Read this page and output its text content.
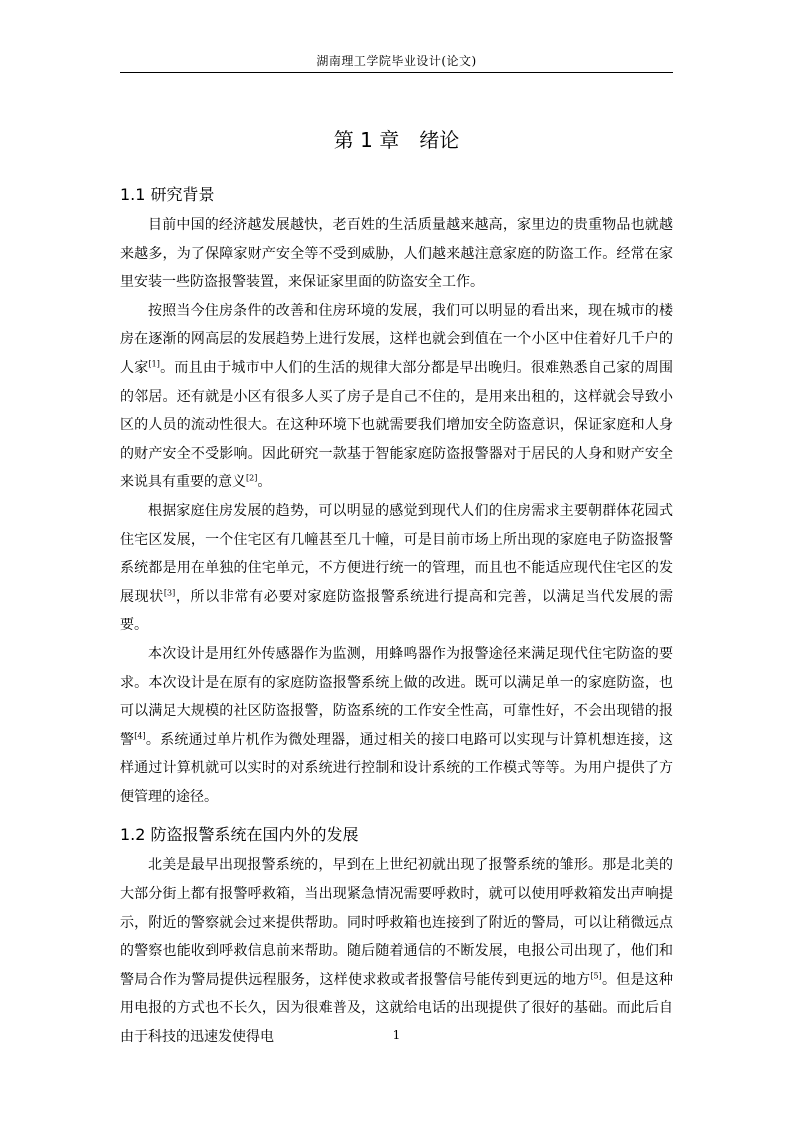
湖南理工学院毕业设计(论文)
第 1 章 绪论
1.1 研究背景

目前中国的经济越发展越快，老百姓的生活质量越来越高，家里边的贵重物品也就越来越多，为了保障家财产安全等不受到威胁，人们越来越注意家庭的防盗工作。经常在家里安装一些防盗报警装置，来保证家里面的防盗安全工作。

按照当今住房条件的改善和住房环境的发展，我们可以明显的看出来，现在城市的楼房在逐渐的网高层的发展趋势上进行发展，这样也就会到值在一个小区中住着好几千户的人家[1]。而且由于城市中人们的生活的规律大部分都是早出晚归。很难熟悉自己家的周围的邻居。还有就是小区有很多人买了房子是自己不住的，是用来出租的，这样就会导致小区的人员的流动性很大。在这种环境下也就需要我们增加安全防盗意识，保证家庭和人身的财产安全不受影响。因此研究一款基于智能家庭防盗报警器对于居民的人身和财产安全来说具有重要的意义[2]。

根据家庭住房发展的趋势，可以明显的感觉到现代人们的住房需求主要朝群体花园式住宅区发展，一个住宅区有几幢甚至几十幢，可是目前市场上所出现的家庭电子防盗报警系统都是用在单独的住宅单元，不方便进行统一的管理，而且也不能适应现代住宅区的发展现状[3]，所以非常有必要对家庭防盗报警系统进行提高和完善，以满足当代发展的需要。

本次设计是用红外传感器作为监测，用蜂鸣器作为报警途径来满足现代住宅防盗的要求。本次设计是在原有的家庭防盗报警系统上做的改进。既可以满足单一的家庭防盗，也可以满足大规模的社区防盗报警，防盗系统的工作安全性高，可靠性好，不会出现错的报警[4]。系统通过单片机作为微处理器，通过相关的接口电路可以实现与计算机想连接，这样通过计算机就可以实时的对系统进行控制和设计系统的工作模式等等。为用户提供了方便管理的途径。

1.2 防盗报警系统在国内外的发展

北美是最早出现报警系统的，早到在上世纪初就出现了报警系统的雏形。那是北美的大部分街上都有报警呼救箱，当出现紧急情况需要呼救时，就可以使用呼救箱发出声响提示，附近的警察就会过来提供帮助。同时呼救箱也连接到了附近的警局，可以让稍微远点的警察也能收到呼救信息前来帮助。随后随着通信的不断发展，电报公司出现了，他们和警局合作为警局提供远程服务，这样使求救或者报警信号能传到更远的地方[5]。但是这种用电报的方式也不长久，因为很难普及，这就给电话的出现提供了很好的基础。而此后自由于科技的迅速发使得电	1
